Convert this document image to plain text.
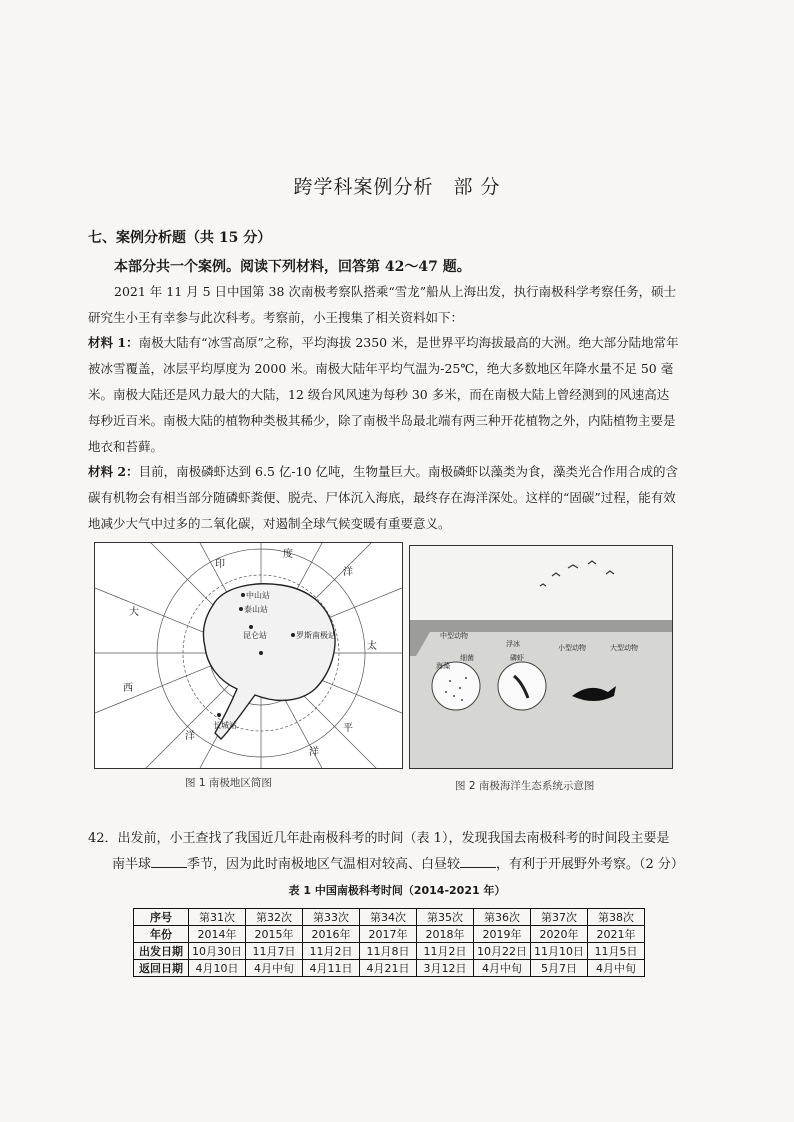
跨学科案例分析　部 分
七、案例分析题（共 15 分）
本部分共一个案例。阅读下列材料，回答第 42～47 题。
2021 年 11 月 5 日中国第 38 次南极考察队搭乘“雪龙”船从上海出发，执行南极科学考察任务，硕士研究生小王有幸参与此次科考。考察前，小王搜集了相关资料如下：
材料 1：南极大陆有“冰雪高原”之称，平均海拔 2350 米，是世界平均海拔最高的大洲。绝大部分陆地常年被冰雪覆盖，冰层平均厚度为 2000 米。南极大陆年平均气温为-25℃，绝大多数地区年降水量不足 50 毫米。南极大陆还是风力最大的大陆，12 级台风风速为每秒 30 多米，而在南极大陆上曾经测到的风速高达每秒近百米。南极大陆的植物种类极其稀少，除了南极半岛最北端有两三种开花植物之外，内陆植物主要是地衣和苔藓。
材料 2：目前，南极磷虾达到 6.5 亿-10 亿吨，生物量巨大。南极磷虾以藻类为食，藻类光合作用合成的含碳有机物会有相当部分随磷虾粪便、脱壳、尸体沉入海底，最终存在海洋深处。这样的“固碳”过程，能有效地减少大气中过多的二氧化碳，对遏制全球气候变暖有重要意义。
中山站
泰山站
昆仑站	罗斯南极站
长城站
印
度
洋
太
平
洋
大
西
洋
图 1 南极地区简图
中型动物
浮冰	小型动物	大型动物
海藻
细菌	磷虾
图 2 南极海洋生态系统示意图
42．出发前，小王查找了我国近几年赴南极科考的时间（表 1），发现我国去南极科考的时间段主要是
南半球	季节，因为此时南极地区气温相对较高、白昼较	，有利于开展野外考察。（2 分）
表 1 中国南极科考时间（2014-2021 年）
序号	第31次	第32次	第33次	第34次	第35次	第36次	第37次	第38次
年份	2014年	2015年	2016年	2017年	2018年	2019年	2020年	2021年
出发日期	10月30日	11月7日	11月2日	11月8日	11月2日	10月22日	11月10日	11月5日
返回日期	4月10日	4月中旬	4月11日	4月21日	3月12日	4月中旬	5月7日	4月中旬
